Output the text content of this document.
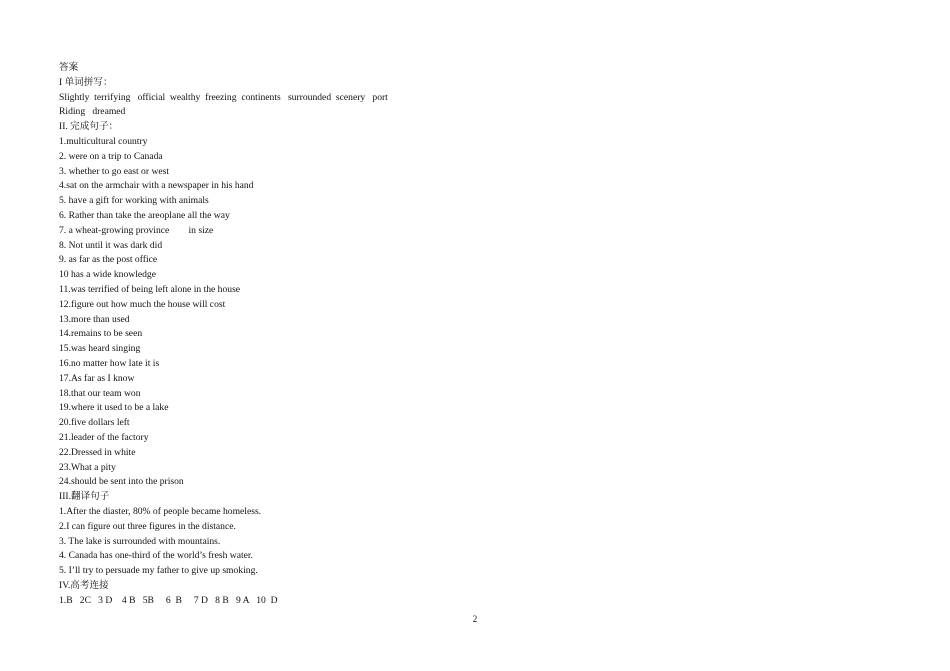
答案
I 单词拼写：
Slightly  terrifying   official  wealthy  freezing  continents   surrounded  scenery   port
Riding   dreamed
II. 完成句子：
1.multicultural country
2. were on a trip to Canada
3. whether to go east or west
4.sat on the armchair with a newspaper in his hand
5. have a gift for working with animals
6. Rather than take the areoplane all the way
7. a wheat-growing province        in size
8. Not until it was dark did
9. as far as the post office
10 has a wide knowledge
11.was terrified of being left alone in the house
12.figure out how much the house will cost
13.more than used
14.remains to be seen
15.was heard singing
16.no matter how late it is
17.As far as I know
18.that our team won
19.where it used to be a lake
20.five dollars left
21.leader of the factory
22.Dressed in white
23.What a pity
24.should be sent into the prison
III.翻译句子
1.After the diaster, 80% of people became homeless.
2.I can figure out three figures in the distance.
3. The lake is surrounded with mountains.
4. Canada has one-third of the world’s fresh water.
5. I’ll try to persuade my father to give up smoking.
IV.高考连接
1.B   2C   3 D    4 B   5B     6  B     7 D   8 B   9 A   10  D
2
